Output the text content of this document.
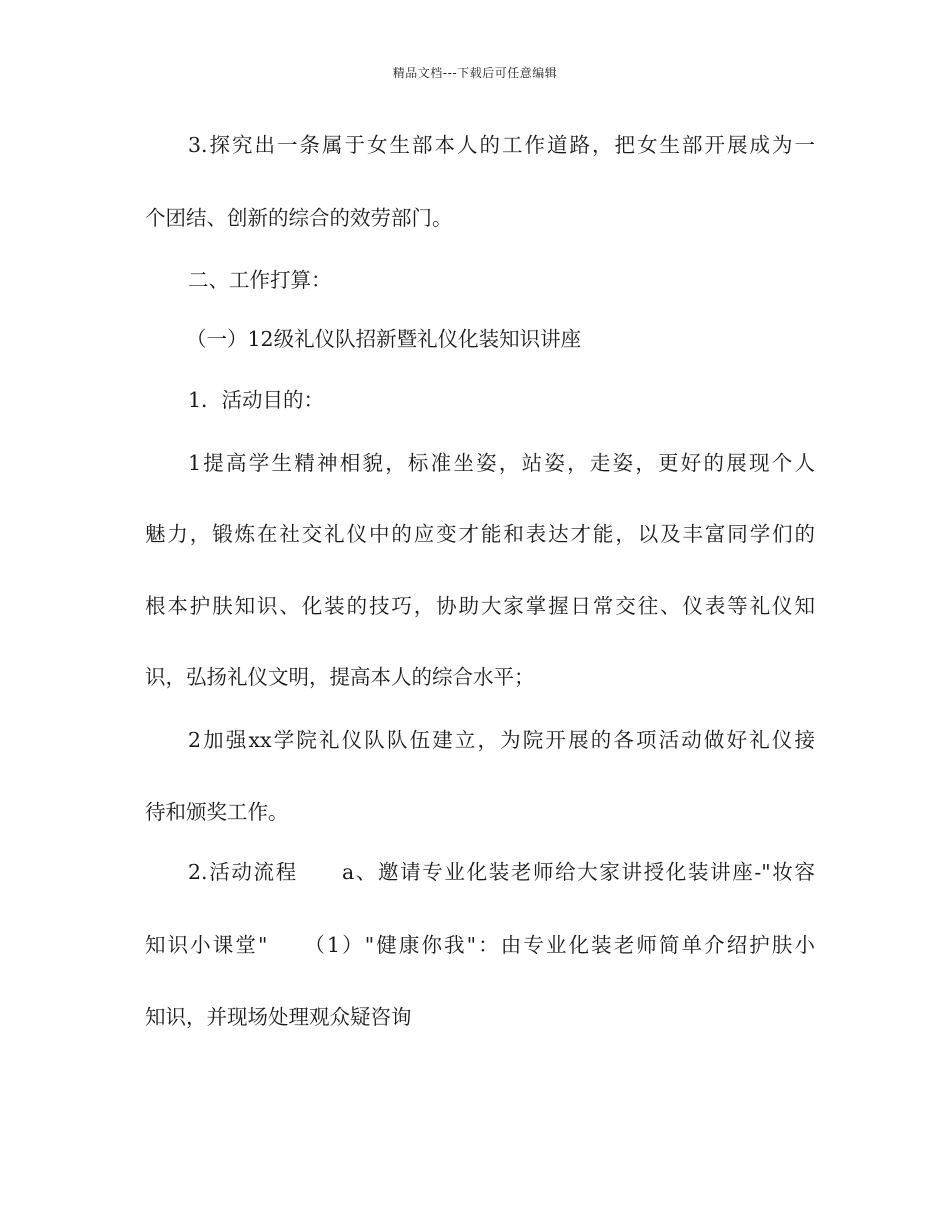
精品文档---下载后可任意编辑
3.探究出一条属于女生部本人的工作道路，把女生部开展成为一
个团结、创新的综合的效劳部门。
二、工作打算：
（一）12级礼仪队招新暨礼仪化装知识讲座
1．活动目的：
1提高学生精神相貌，标准坐姿，站姿，走姿，更好的展现个人
魅力，锻炼在社交礼仪中的应变才能和表达才能，以及丰富同学们的
根本护肤知识、化装的技巧，协助大家掌握日常交往、仪表等礼仪知
识，弘扬礼仪文明，提高本人的综合水平；
2加强xx学院礼仪队队伍建立，为院开展的各项活动做好礼仪接
待和颁奖工作。
2.活动流程　　a、邀请专业化装老师给大家讲授化装讲座-"妆容
知识小课堂"　　（1）"健康你我"：由专业化装老师简单介绍护肤小
知识，并现场处理观众疑咨询
